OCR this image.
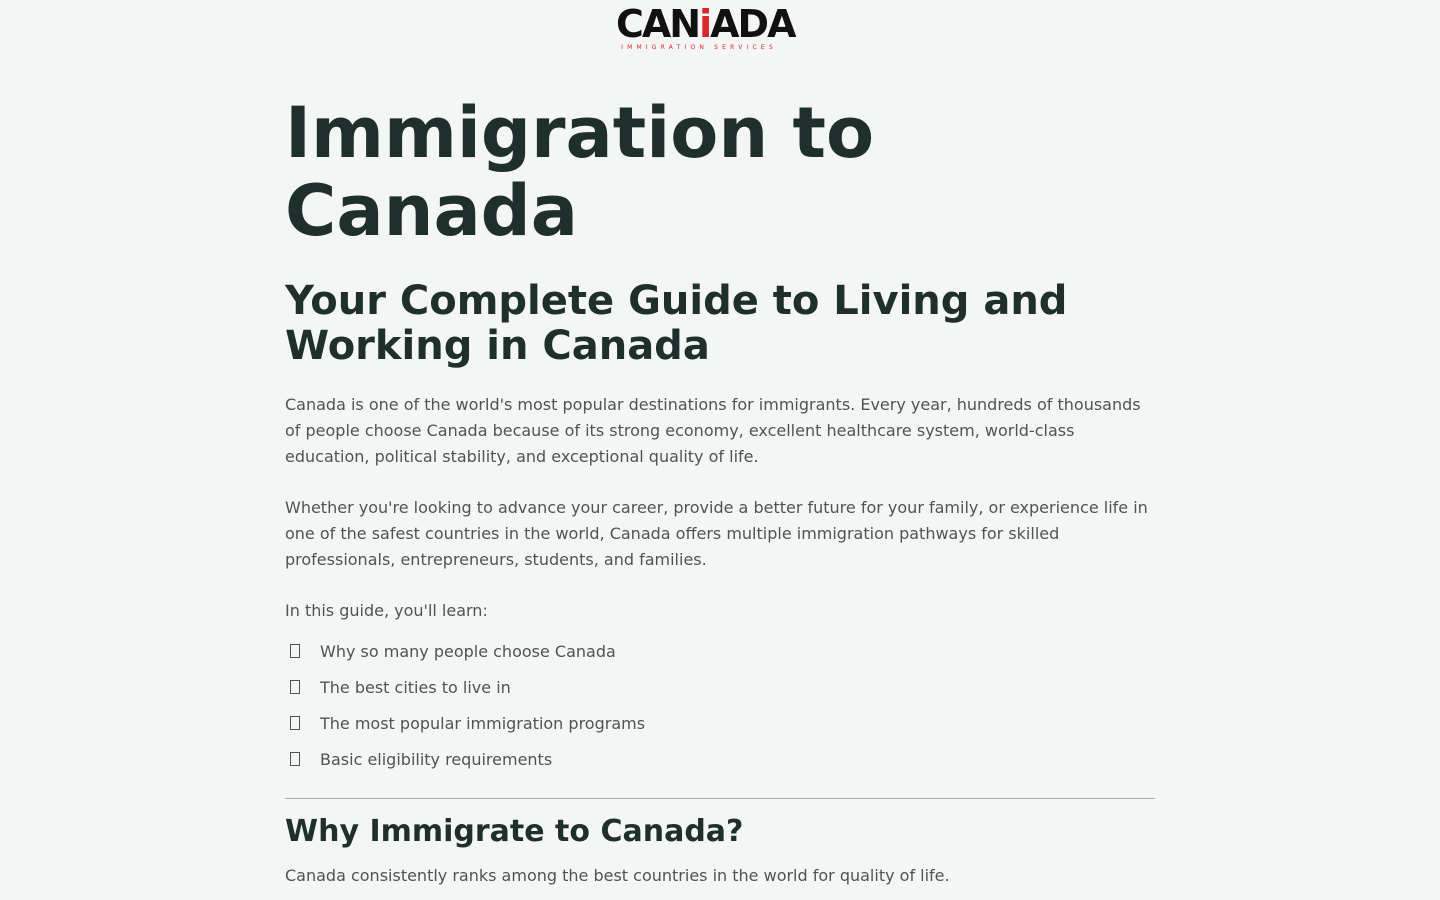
CANiADA
IMMIGRATION SERVICES
Immigration to Canada
Your Complete Guide to Living and Working in Canada

Canada is one of the world's most popular destinations for immigrants. Every year, hundreds of thousands of people choose Canada because of its strong economy, excellent healthcare system, world-class education, political stability, and exceptional quality of life.

Whether you're looking to advance your career, provide a better future for your family, or experience life in one of the safest countries in the world, Canada offers multiple immigration pathways for skilled professionals, entrepreneurs, students, and families.

In this guide, you'll learn:

Why so many people choose Canada
The best cities to live in
The most popular immigration programs
Basic eligibility requirements
Why Immigrate to Canada?

Canada consistently ranks among the best countries in the world for quality of life.
